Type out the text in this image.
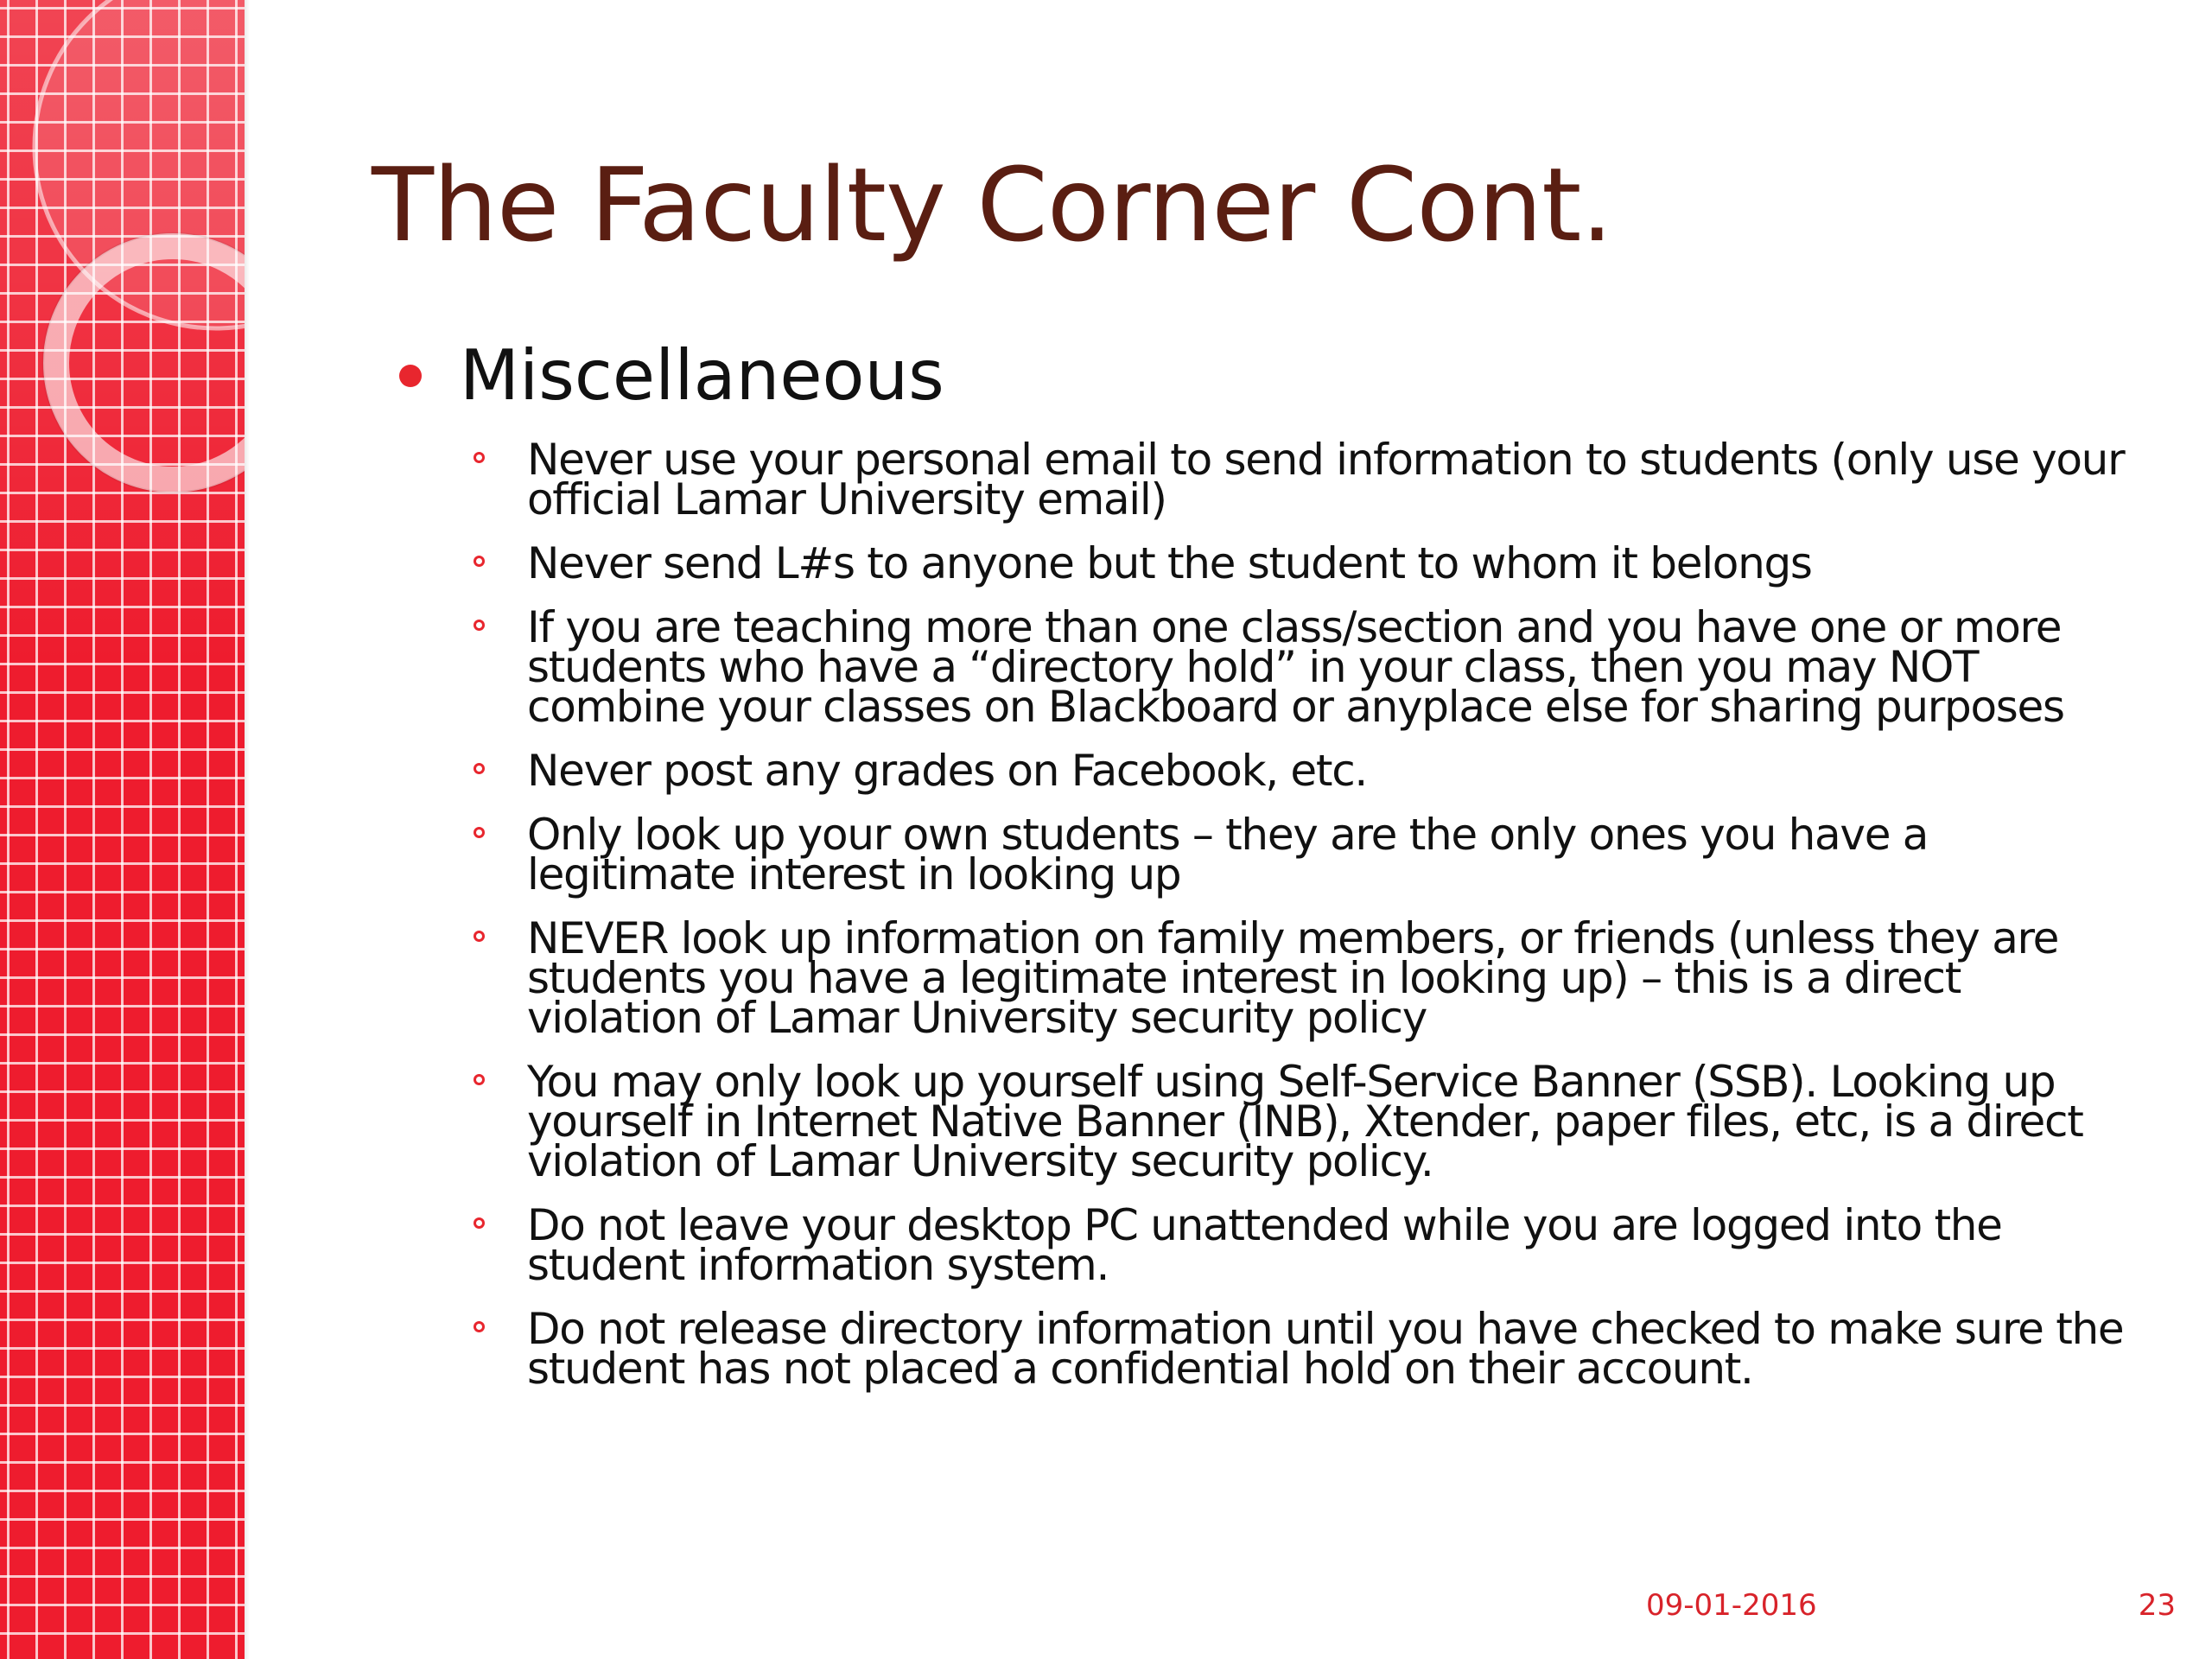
The Faculty Corner Cont.
Miscellaneous
Never use your personal email to send information to students (only use your official Lamar University email)
Never send L#s to anyone but the student to whom it belongs
If you are teaching more than one class/section and you have one or more students who have a “directory hold” in your class, then you may NOT combine your classes on Blackboard or anyplace else for sharing purposes
Never post any grades on Facebook, etc.
Only look up your own students – they are the only ones you have a legitimate interest in looking up
NEVER look up information on family members, or friends (unless they are students you have a legitimate interest in looking up) – this is a direct violation of Lamar University security policy
You may only look up yourself using Self-Service Banner (SSB). Looking up yourself in Internet Native Banner (INB), Xtender, paper files, etc, is a direct violation of Lamar University security policy.
Do not leave your desktop PC unattended while you are logged into the student information system.
Do not release directory information until you have checked to make sure the student has not placed a confidential hold on their account.
09-01-2016	23
